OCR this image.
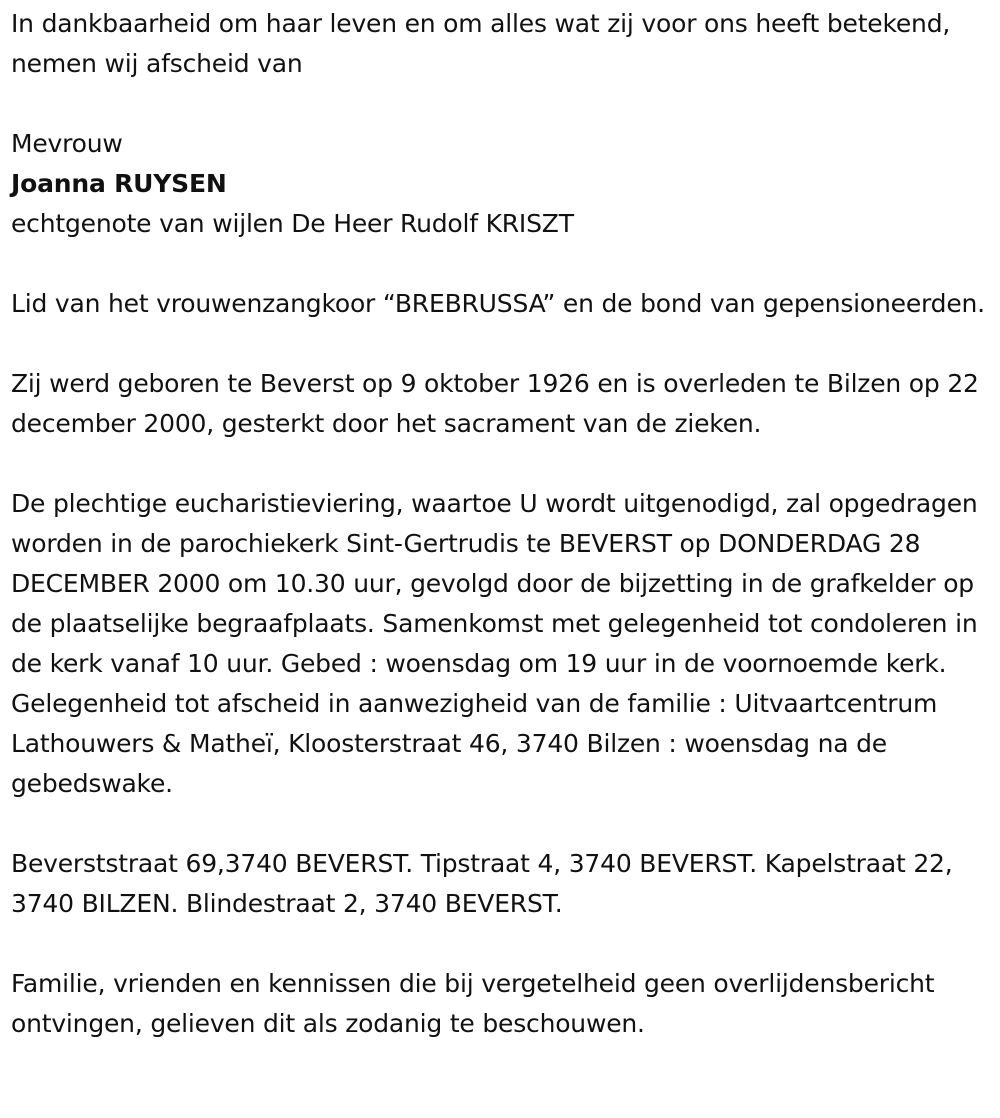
In dankbaarheid om haar leven en om alles wat zij voor ons heeft betekend, nemen wij afscheid van

Mevrouw

Joanna RUYSEN

echtgenote van wijlen De Heer Rudolf KRISZT

Lid van het vrouwenzangkoor “BREBRUSSA” en de bond van gepensioneerden.

Zij werd geboren te Beverst op 9 oktober 1926 en is overleden te Bilzen op 22 december 2000, gesterkt door het sacrament van de zieken.

De plechtige eucharistieviering, waartoe U wordt uitgenodigd, zal opgedragen worden in de parochiekerk Sint-Gertrudis te BEVERST op DONDERDAG 28 DECEMBER 2000 om 10.30 uur, gevolgd door de bijzetting in de grafkelder op de plaatselijke begraafplaats. Samenkomst met gelegenheid tot condoleren in de kerk vanaf 10 uur. Gebed : woensdag om 19 uur in de voornoemde kerk. Gelegenheid tot afscheid in aanwezigheid van de familie : Uitvaartcentrum Lathouwers & Matheï, Kloosterstraat 46, 3740 Bilzen : woensdag na de gebedswake.

Beverststraat 69,3740 BEVERST. Tipstraat 4, 3740 BEVERST. Kapelstraat 22, 3740 BILZEN. Blindestraat 2, 3740 BEVERST.

Familie, vrienden en kennissen die bij vergetelheid geen overlijdensbericht ontvingen, gelieven dit als zodanig te beschouwen.
